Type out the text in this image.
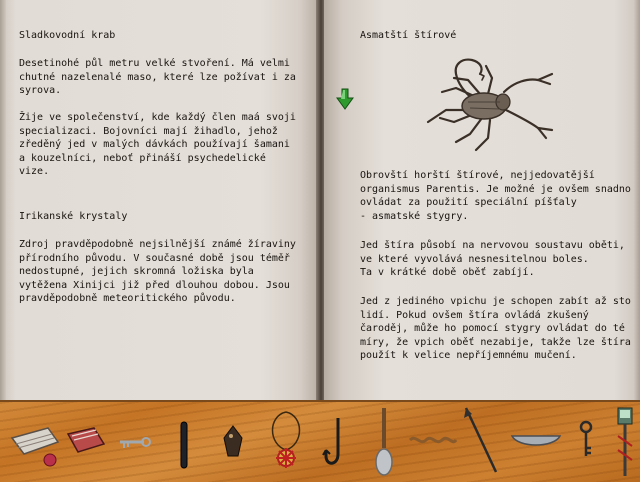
Sladkovodní krab
Desetinohé půl metru velké stvoření. Má velmi
chutné nazelenalé maso, které lze požívat i za
syrova.

Žije ve společenství, kde každý člen maá svoji
specializaci. Bojovníci mají žihadlo, jehož
zředěný jed v malých dávkách používají šamani
a kouzelníci, neboť přináší psychedelické
vize.
Irikanské krystaly
Zdroj pravděpodobně nejsilnější známé žíraviny
přírodního původu. V současné době jsou téměř
nedostupné, jejich skromná ložiska byla
vytěžena Xinijci již před dlouhou dobou. Jsou
pravděpodobně meteoritického původu.
Asmatští štírové
Obrovští horští štírové, nejjedovatější
organismus Parentis. Je možné je ovšem snadno
ovládat za použití speciální píšťaly
- asmatské stygry.
Jed štíra působí na nervovou soustavu oběti,
ve které vyvolává nesnesitelnou boles.
Ta v krátké době oběť zabíjí.
Jed z jediného vpichu je schopen zabít až sto
lidí. Pokud ovšem štíra ovládá zkušený
čaroděj, může ho pomocí stygry ovládat do té
míry, že vpich oběť nezabije, takže lze štíra
použít k velice nepříjemnému mučení.
